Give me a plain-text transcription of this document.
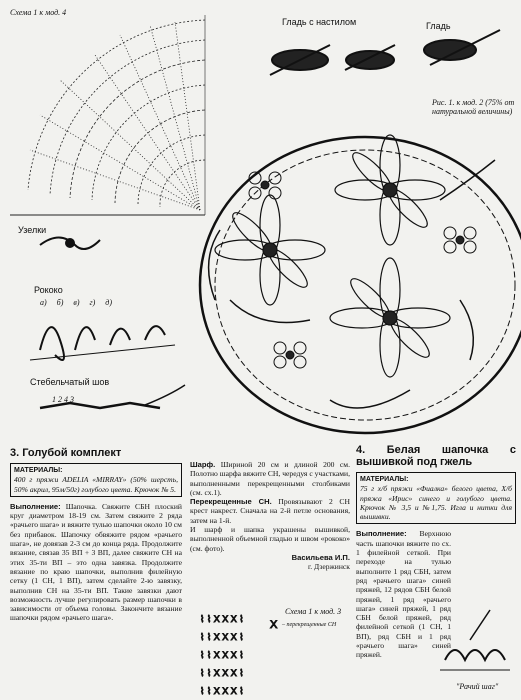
⌇ ⌇ X X X ⌇
⌇ ⌇ X X X ⌇
⌇ ⌇ X X X ⌇
⌇ ⌇ X X X ⌇
⌇ ⌇ X X X ⌇
X
Схема 1 к мод. 4
Гладь с настилом	Гладь
Узелки
Рококо
а) б) в) г) д)
Стебельчатый шов
1 2 4 3
Рис. 1. к мод. 2 (75% от натуральной величины)
Схема 1 к мод. 3
– перекрещенные СН
"Рачий шаг"
3. Голубой комплект
МАТЕРИАЛЫ:
400 г пряжи ADELIA «MIRRAY» (50% шерсть, 50% акрил, 95м/50г) голубого цвета. Крючок № 5.

Выполнение: Шапочка. Свяжите СБН плоский круг диаметром 18-19 см. Затем свяжите 2 ряда «рачьего шага» и вяжите тулью шапочки около 10 см без прибавок. Шапочку обвяжите рядом «рачьего шага», не довязав 2-3 см до конца ряда. Продолжите вязание, связав 35 ВП + 3 ВП, далее свяжите СН на этих 35-ти ВП – это одна завязка. Продолжите вязание по краю шапочки, выполнив филейную сетку (1 СН, 1 ВП), затем сделайте 2-ю завязку, выполнив СН на 35-ти ВП. Такие завязки дают возможность лучше регулировать размер шапочки в зависимости от объема головы. Закончите вязание шапочки рядом «рачьего шага».

Шарф. Шириной 20 см и длиной 200 см. Полотно шарфа вяжите СН, чередуя с участками, выполненными перекрещенными столбиками (см. сх.1).

Перекрещенные СН. Провязывают 2 СН крест накрест. Сначала на 2-й петле основания, затем на 1-й.

И шарф и шапка украшены вышивкой, выполненной объемной гладью и швом «рококо» (см. фото).

Васильева И.П.

г. Дзержинск

4. Белая шапочка с вышивкой под гжель
МАТЕРИАЛЫ:
75 г х/б пряжи «Фиалка» белого цвета, Х/б пряжа «Ирис» синего и голубого цвета. Крючок № 3,5 и №1,75. Игла и нитки для вышивки.

Выполнение: Верхнюю часть шапочки вяжите по сх. 1 филейной сеткой. При переходе на тулью выполните 1 ряд СБН, затем ряд «рачьего шага» синей пряжей, 12 рядов СБН белой пряжей, 1 ряд «рачьего шага» синей пряжей, 1 ряд СБН белой пряжей, ряд филейной сеткой (1 СН, 1 ВП), ряд СБН и 1 ряд «рачьего шага» синей пряжей.
